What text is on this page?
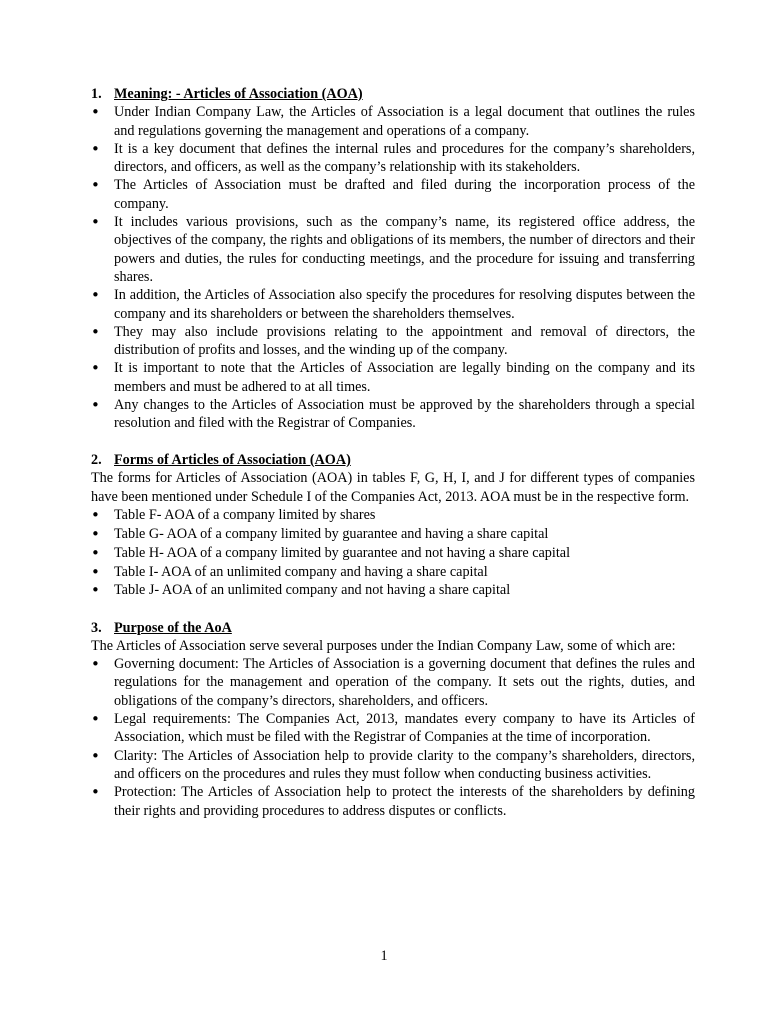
1. Meaning: - Articles of Association (AOA)
• Under Indian Company Law, the Articles of Association is a legal document that outlines the rules and regulations governing the management and operations of a company.
• It is a key document that defines the internal rules and procedures for the company’s shareholders, directors, and officers, as well as the company’s relationship with its stakeholders.
• The Articles of Association must be drafted and filed during the incorporation process of the company.
• It includes various provisions, such as the company’s name, its registered office address, the objectives of the company, the rights and obligations of its members, the number of directors and their powers and duties, the rules for conducting meetings, and the procedure for issuing and transferring shares.
• In addition, the Articles of Association also specify the procedures for resolving disputes between the company and its shareholders or between the shareholders themselves.
• They may also include provisions relating to the appointment and removal of directors, the distribution of profits and losses, and the winding up of the company.
• It is important to note that the Articles of Association are legally binding on the company and its members and must be adhered to at all times.
• Any changes to the Articles of Association must be approved by the shareholders through a special resolution and filed with the Registrar of Companies.
2. Forms of Articles of Association (AOA)

The forms for Articles of Association (AOA) in tables F, G, H, I, and J for different types of companies have been mentioned under Schedule I of the Companies Act, 2013. AOA must be in the respective form.

• Table F- AOA of a company limited by shares
• Table G- AOA of a company limited by guarantee and having a share capital
• Table H- AOA of a company limited by guarantee and not having a share capital
• Table I- AOA of an unlimited company and having a share capital
• Table J- AOA of an unlimited company and not having a share capital
3. Purpose of the AoA

The Articles of Association serve several purposes under the Indian Company Law, some of which are:

• Governing document: The Articles of Association is a governing document that defines the rules and regulations for the management and operation of the company. It sets out the rights, duties, and obligations of the company’s directors, shareholders, and officers.
• Legal requirements: The Companies Act, 2013, mandates every company to have its Articles of Association, which must be filed with the Registrar of Companies at the time of incorporation.
• Clarity: The Articles of Association help to provide clarity to the company’s shareholders, directors, and officers on the procedures and rules they must follow when conducting business activities.
• Protection: The Articles of Association help to protect the interests of the shareholders by defining their rights and providing procedures to address disputes or conflicts.
1
